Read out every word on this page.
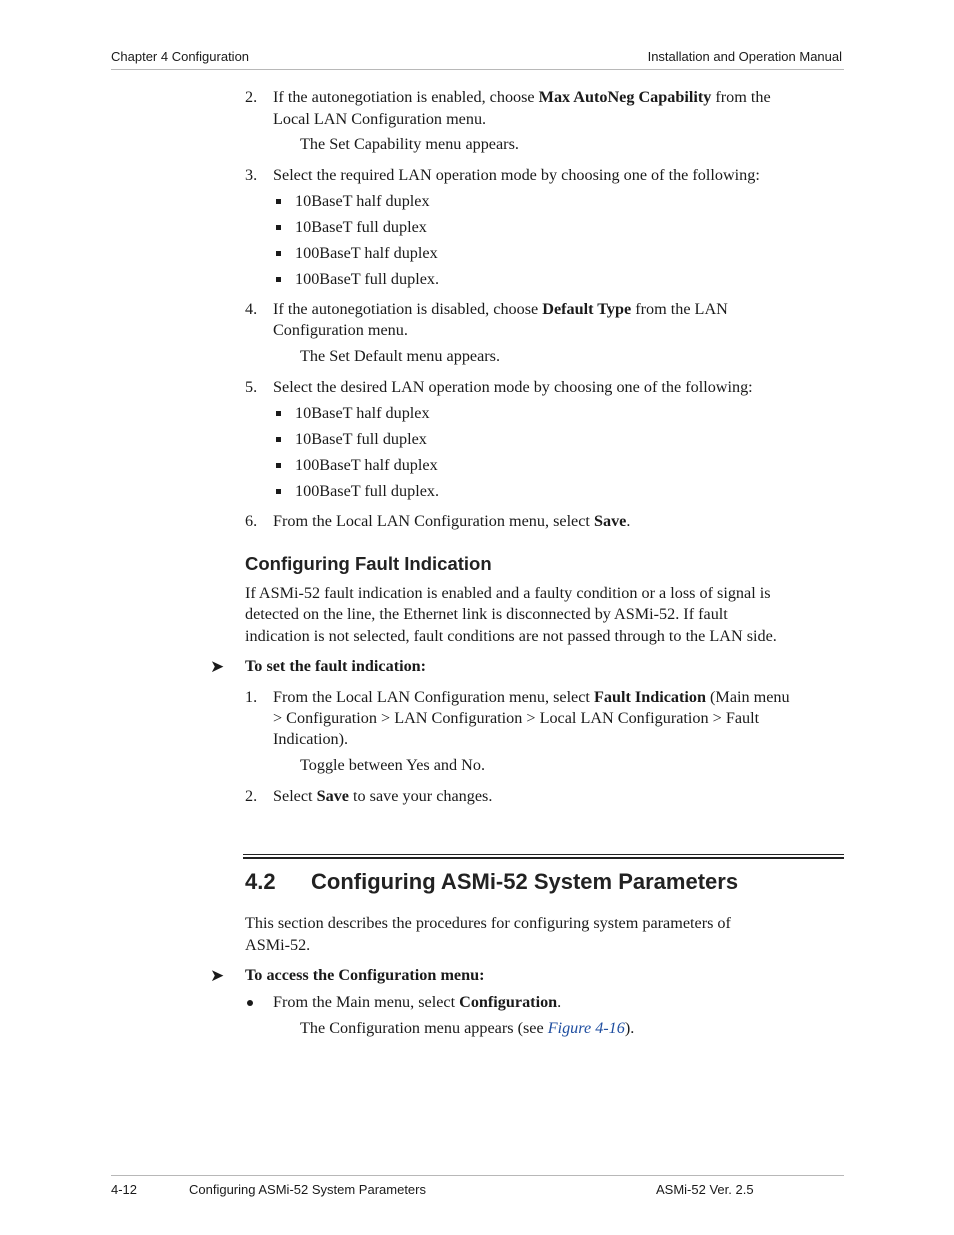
Chapter 4 Configuration	Installation and Operation Manual
2. If the autonegotiation is enabled, choose Max AutoNeg Capability from the
Local LAN Configuration menu.
The Set Capability menu appears.
3. Select the required LAN operation mode by choosing one of the following:
10BaseT half duplex
10BaseT full duplex
100BaseT half duplex
100BaseT full duplex.
4. If the autonegotiation is disabled, choose Default Type from the LAN
Configuration menu.
The Set Default menu appears.
5. Select the desired LAN operation mode by choosing one of the following:
10BaseT half duplex
10BaseT full duplex
100BaseT half duplex
100BaseT full duplex.
6. From the Local LAN Configuration menu, select Save.
Configuring Fault Indication
If ASMi-52 fault indication is enabled and a faulty condition or a loss of signal is
detected on the line, the Ethernet link is disconnected by ASMi-52. If fault
indication is not selected, fault conditions are not passed through to the LAN side.
➤ To set the fault indication:
1. From the Local LAN Configuration menu, select Fault Indication (Main menu
> Configuration > LAN Configuration > Local LAN Configuration > Fault
Indication).
Toggle between Yes and No.
2. Select Save to save your changes.
4.2 Configuring ASMi-52 System Parameters
This section describes the procedures for configuring system parameters of
ASMi-52.
➤ To access the Configuration menu:
From the Main menu, select Configuration.
The Configuration menu appears (see Figure 4-16).
4-12	Configuring ASMi-52 System Parameters	ASMi-52 Ver. 2.5
